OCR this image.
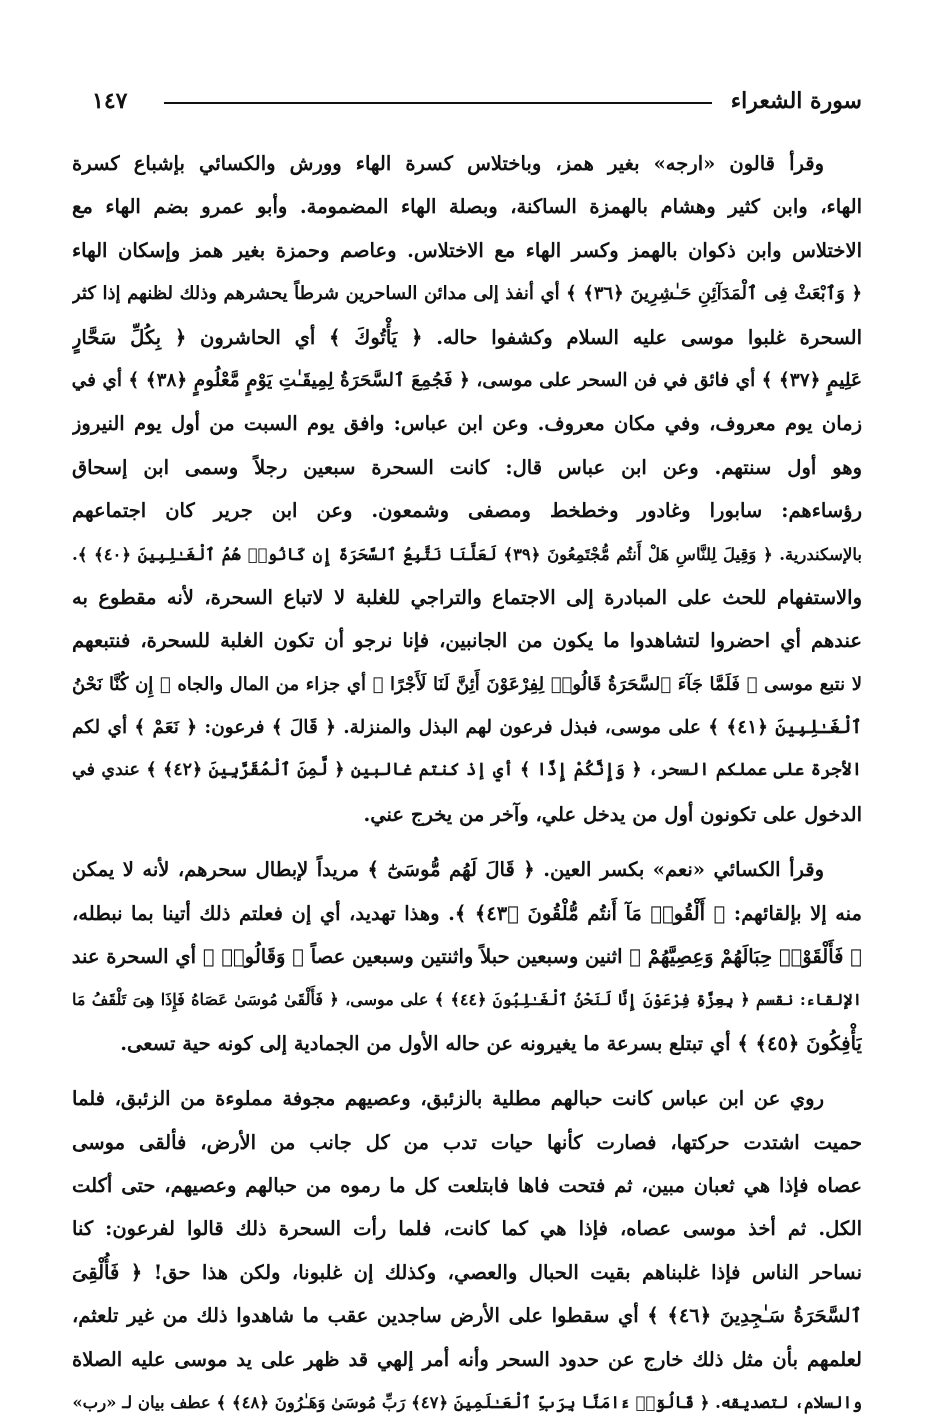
سورة الشعراء
١٤٧
وقرأ قالون «ارجه» بغير همز، وباختلاس كسرة الهاء وورش والكسائي بإشباع كسرة
الهاء، وابن كثير وهشام بالهمزة الساكنة، وبصلة الهاء المضمومة. وأبو عمرو بضم الهاء مع
الاختلاس وابن ذكوان بالهمز وكسر الهاء مع الاختلاس. وعاصم وحمزة بغير همز وإسكان الهاء
﴿ وَٱبْعَثْ فِى ٱلْمَدَآئِنِ حَـٰشِرِينَ ﴿٣٦﴾ ﴾ أي أنفذ إلى مدائن الساحرين شرطاً يحشرهم وذلك لظنهم إذا كثر
السحرة غلبوا موسى عليه السلام وكشفوا حاله. ﴿ يَأْتُوكَ ﴾ أي الحاشرون ﴿ بِكُلِّ سَحَّارٍ
عَلِيمٍ ﴿٣٧﴾ ﴾ أي فائق في فن السحر على موسى، ﴿ فَجُمِعَ ٱلسَّحَرَةُ لِمِيقَـٰتِ يَوْمٍ مَّعْلُومٍ ﴿٣٨﴾ ﴾ أي في
زمان يوم معروف، وفي مكان معروف. وعن ابن عباس: وافق يوم السبت من أول يوم النيروز
وهو أول سنتهم. وعن ابن عباس قال: كانت السحرة سبعين رجلاً وسمى ابن إسحاق
رؤساءهم: سابورا وغادور وخطخط ومصفى وشمعون. وعن ابن جرير كان اجتماعهم
بالإسكندرية. ﴿ وَقِيلَ لِلنَّاسِ هَلْ أَنتُم مُّجْتَمِعُونَ ﴿٣٩﴾ لَعَلَّنَا نَتَّبِعُ ٱلسَّحَرَةَ إِن كَانُوا۟ هُمُ ٱلْغَـٰلِبِينَ ﴿٤٠﴾ ﴾.
والاستفهام للحث على المبادرة إلى الاجتماع والتراجي للغلبة لا لاتباع السحرة، لأنه مقطوع به
عندهم أي احضروا لتشاهدوا ما يكون من الجانبين، فإنا نرجو أن تكون الغلبة للسحرة، فنتبعهم
لا نتبع موسى ﴿ فَلَمَّا جَآءَ ٱلسَّحَرَةُ قَالُوا۟ لِفِرْعَوْنَ أَئِنَّ لَنَا لَأَجْرًا ﴾ أي جزاء من المال والجاه ﴿ إِن كُنَّا نَحْنُ
ٱلْغَـٰلِبِينَ ﴿٤١﴾ ﴾ على موسى، فبذل فرعون لهم البذل والمنزلة. ﴿ قَالَ ﴾ فرعون: ﴿ نَعَمْ ﴾ أي لكم
الأجرة على عملكم السحر، ﴿ وَإِنَّكُمْ إِذًا ﴾ أي إذ كنتم غالبين ﴿ لَّمِنَ ٱلْمُقَرَّبِينَ ﴿٤٢﴾ ﴾ عندي في
الدخول على تكونون أول من يدخل علي، وآخر من يخرج عني.
وقرأ الكسائي «نعم» بكسر العين. ﴿ قَالَ لَهُم مُّوسَىٰٓ ﴾ مريداً لإبطال سحرهم، لأنه لا يمكن
منه إلا بإلقائهم: ﴿ أَلْقُوا۟ مَآ أَنتُم مُّلْقُونَ ﴿٤٣﴾ ﴾. وهذا تهديد، أي إن فعلتم ذلك أتينا بما نبطله،
﴿ فَأَلْقَوْا۟ حِبَالَهُمْ وَعِصِيَّهُمْ ﴾ اثنين وسبعين حبلاً واثنتين وسبعين عصاً ﴿ وَقَالُوا۟ ﴾ أي السحرة عند
الإلقاء: نقسم ﴿ بِعِزَّةِ فِرْعَوْنَ إِنَّا لَنَحْنُ ٱلْغَـٰلِبُونَ ﴿٤٤﴾ ﴾ على موسى، ﴿ فَأَلْقَىٰ مُوسَىٰ عَصَاهُ فَإِذَا هِىَ تَلْقَفُ مَا
يَأْفِكُونَ ﴿٤٥﴾ ﴾ أي تبتلع بسرعة ما يغيرونه عن حاله الأول من الجمادية إلى كونه حية تسعى.
روي عن ابن عباس كانت حبالهم مطلية بالزئبق، وعصيهم مجوفة مملوءة من الزئبق، فلما
حميت اشتدت حركتها، فصارت كأنها حيات تدب من كل جانب من الأرض، فألقى موسى
عصاه فإذا هي ثعبان مبين، ثم فتحت فاها فابتلعت كل ما رموه من حبالهم وعصيهم، حتى أكلت
الكل. ثم أخذ موسى عصاه، فإذا هي كما كانت، فلما رأت السحرة ذلك قالوا لفرعون: كنا
نساحر الناس فإذا غلبناهم بقيت الحبال والعصي، وكذلك إن غلبونا، ولكن هذا حق! ﴿ فَأُلْقِىَ
ٱلسَّحَرَةُ سَـٰجِدِينَ ﴿٤٦﴾ ﴾ أي سقطوا على الأرض ساجدين عقب ما شاهدوا ذلك من غير تلعثم،
لعلمهم بأن مثل ذلك خارج عن حدود السحر وأنه أمر إلهي قد ظهر على يد موسى عليه الصلاة
والسلام، لتصديقه. ﴿ قَالُوٓا۟ ءَامَنَّا بِرَبِّ ٱلْعَـٰلَمِينَ ﴿٤٧﴾ رَبِّ مُوسَىٰ وَهَـٰرُونَ ﴿٤٨﴾ ﴾ عطف بيان لـ «رب»
